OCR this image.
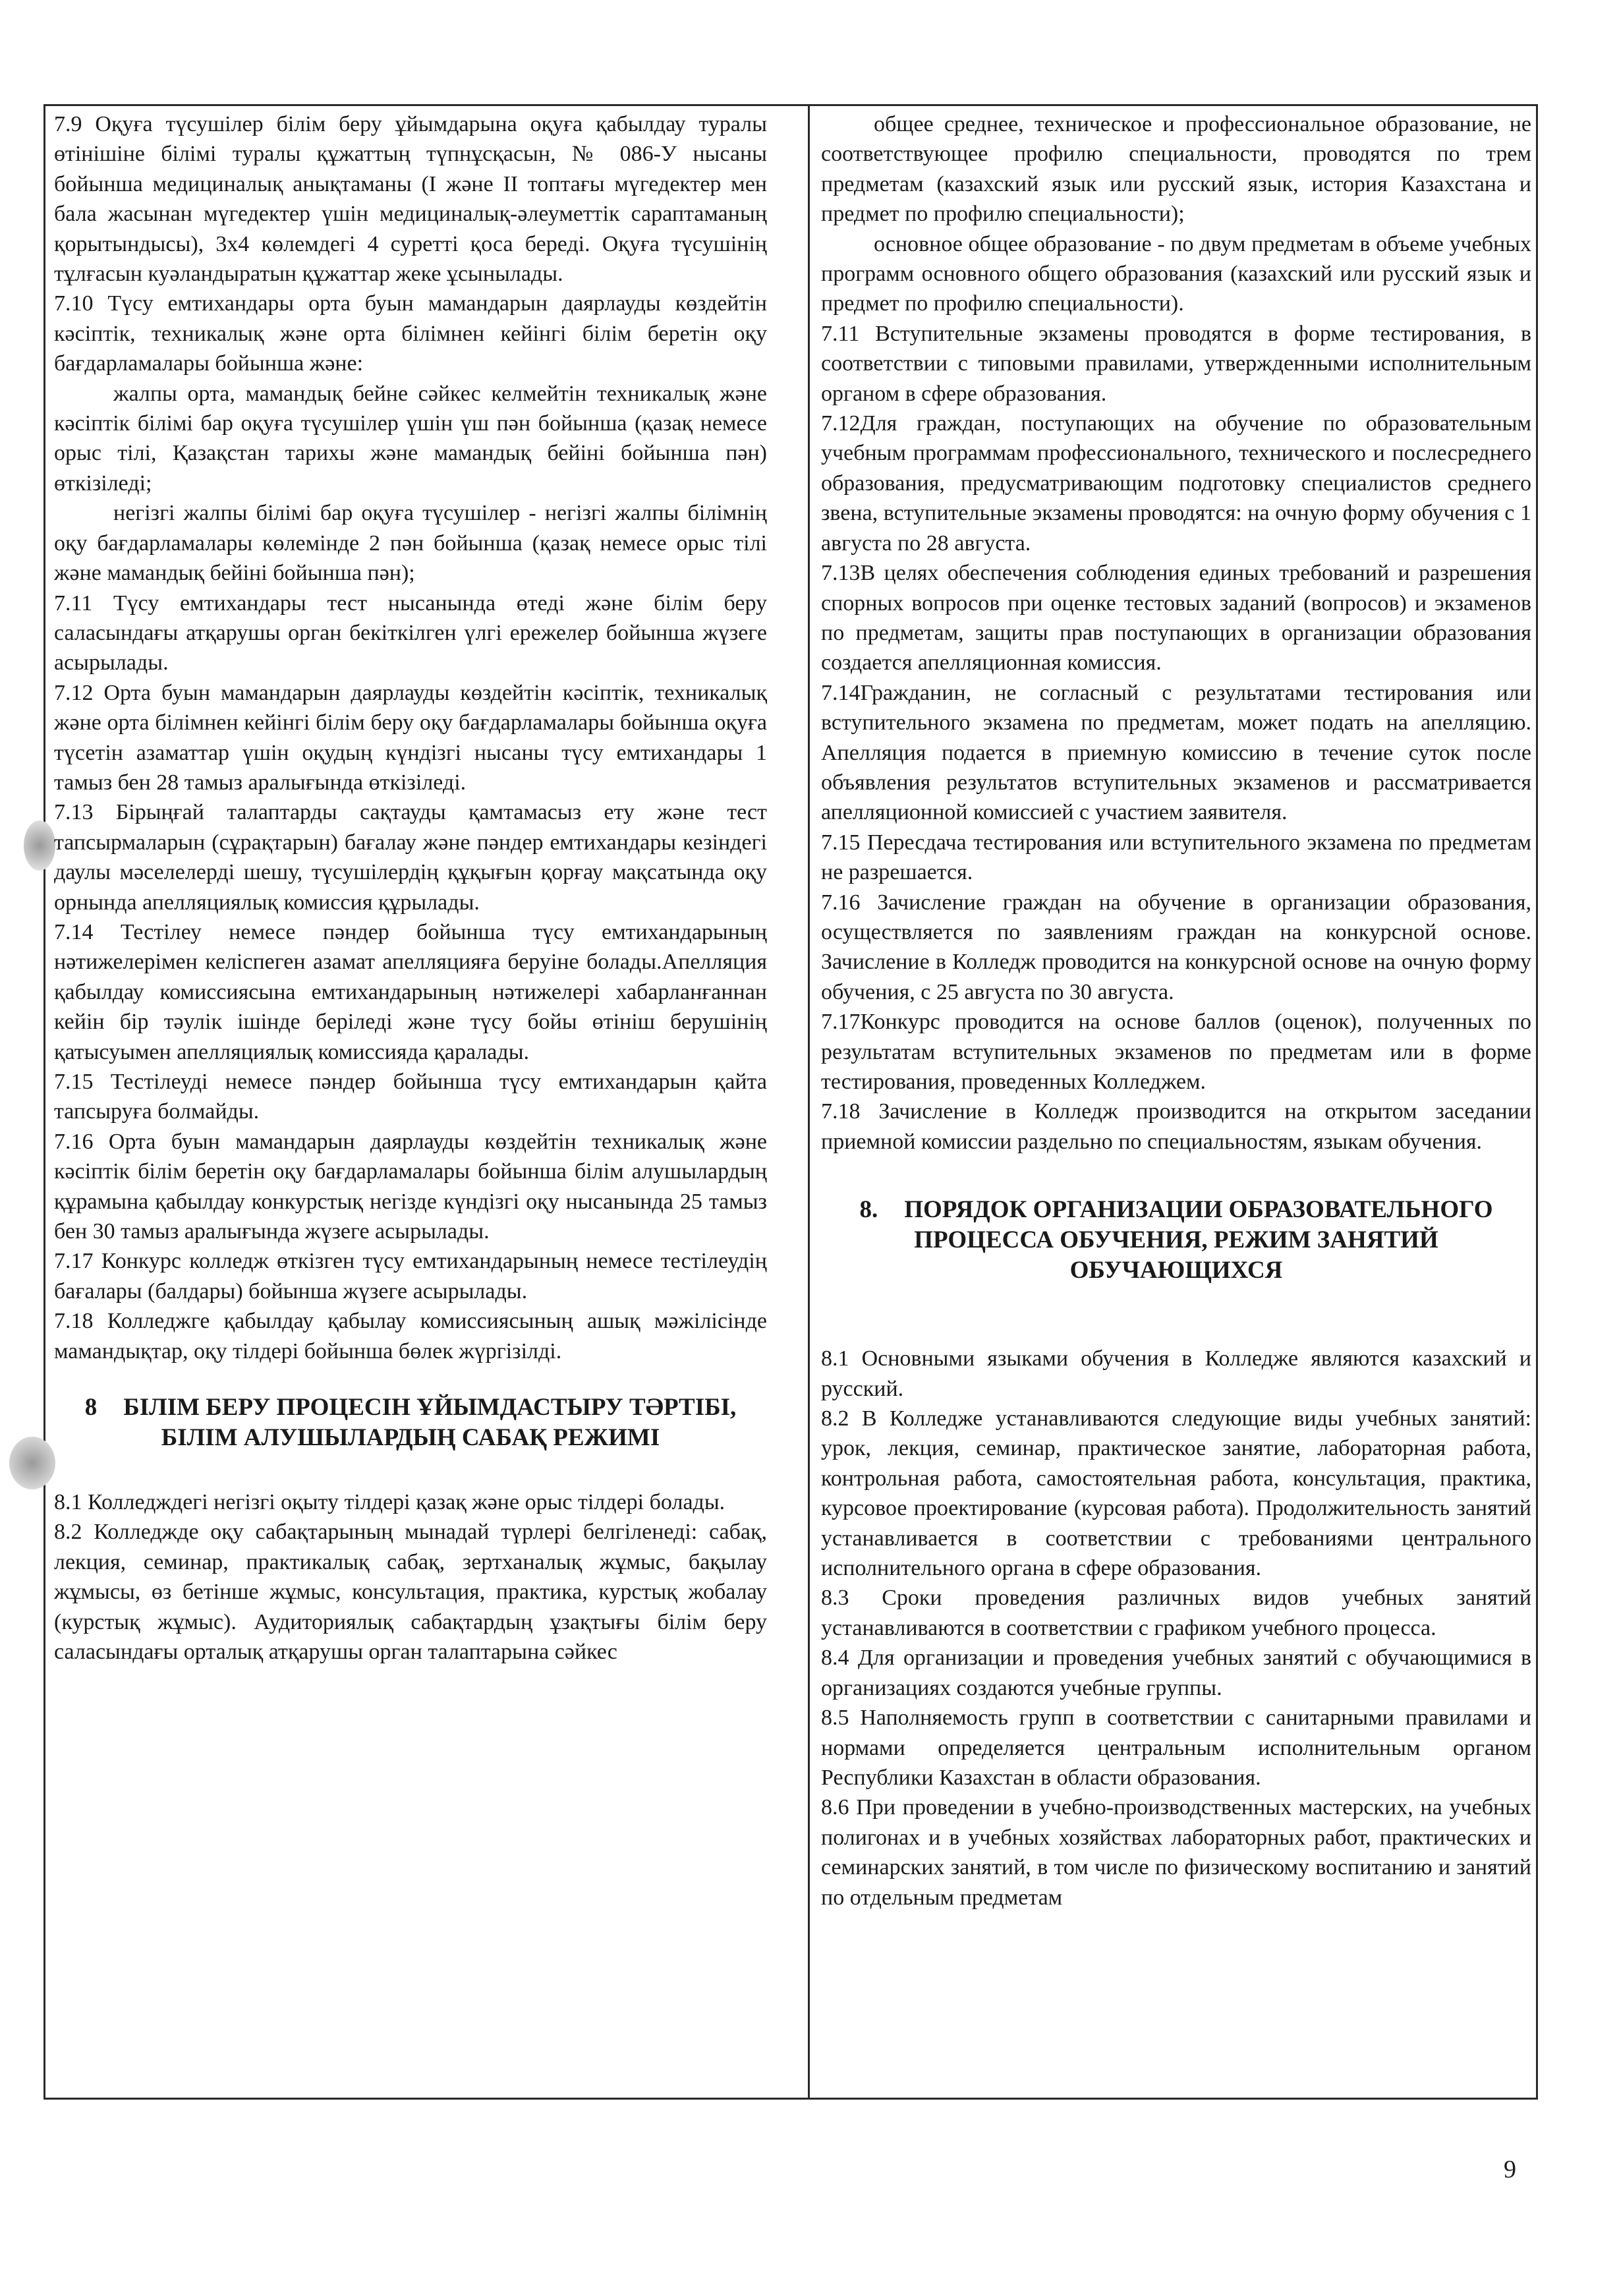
7.9 Оқуға түсушілер білім беру ұйымдарына оқуға қабылдау туралы өтінішіне білімі туралы құжаттың түпнұсқасын, № 086-У нысаны бойынша медициналық анықтаманы (I және II топтағы мүгедектер мен бала жасынан мүгедектер үшін медициналық-әлеуметтік сараптаманың қорытындысы), 3x4 көлемдегі 4 суретті қоса береді. Оқуға түсушінің тұлғасын куәландыратын құжаттар жеке ұсынылады.

7.10 Түсу емтихандары орта буын мамандарын даярлауды көздейтін кәсіптік, техникалық және орта білімнен кейінгі білім беретін оқу бағдарламалары бойынша және:

жалпы орта, мамандық бейне сәйкес келмейтін техникалық және кәсіптік білімі бар оқуға түсушілер үшін үш пән бойынша (қазақ немесе орыс тілі, Қазақстан тарихы және мамандық бейіні бойынша пән) өткізіледі;

негізгі жалпы білімі бар оқуға түсушілер - негізгі жалпы білімнің оқу бағдарламалары көлемінде 2 пән бойынша (қазақ немесе орыс тілі және мамандық бейіні бойынша пән);

7.11 Түсу емтихандары тест нысанында өтеді және білім беру саласындағы атқарушы орган бекіткілген үлгі ережелер бойынша жүзеге асырылады.

7.12 Орта буын мамандарын даярлауды көздейтін кәсіптік, техникалық және орта білімнен кейінгі білім беру оқу бағдарламалары бойынша оқуға түсетін азаматтар үшін оқудың күндізгі нысаны түсу емтихандары 1 тамыз бен 28 тамыз аралығында өткізіледі.

7.13 Бірыңғай талаптарды сақтауды қамтамасыз ету және тест тапсырмаларын (сұрақтарын) бағалау және пәндер емтихандары кезіндегі даулы мәселелерді шешу, түсушілердің құқығын қорғау мақсатында оқу орнында апелляциялық комиссия құрылады.

7.14 Тестілеу немесе пәндер бойынша түсу емтихандарының нәтижелерімен келіспеген азамат апелляцияға беруіне болады.Апелляция қабылдау комиссиясына емтихандарының нәтижелері хабарланғаннан кейін бір тәулік ішінде беріледі және түсу бойы өтініш берушінің қатысуымен апелляциялық комиссияда қаралады.

7.15 Тестілеуді немесе пәндер бойынша түсу емтихандарын қайта тапсыруға болмайды.

7.16 Орта буын мамандарын даярлауды көздейтін техникалық және кәсіптік білім беретін оқу бағдарламалары бойынша білім алушылардың құрамына қабылдау конкурстық негізде күндізгі оқу нысанында 25 тамыз бен 30 тамыз аралығында жүзеге асырылады.

7.17 Конкурс колледж өткізген түсу емтихандарының немесе тестілеудің бағалары (балдары) бойынша жүзеге асырылады.

7.18 Колледжге қабылдау қабылау комиссиясының ашық мәжілісінде мамандықтар, оқу тілдері бойынша бөлек жүргізілді.

8 БІЛІМ БЕРУ ПРОЦЕСІН ҰЙЫМДАСТЫРУ ТӘРТІБІ, БІЛІМ АЛУШЫЛАРДЫҢ САБАҚ РЕЖИМІ

8.1 Колледждегі негізгі оқыту тілдері қазақ және орыс тілдері болады.

8.2 Колледжде оқу сабақтарының мынадай түрлері белгіленеді: сабақ, лекция, семинар, практикалық сабақ, зертханалық жұмыс, бақылау жұмысы, өз бетінше жұмыс, консультация, практика, курстық жобалау (курстық жұмыс). Аудиториялық сабақтардың ұзақтығы білім беру саласындағы орталық атқарушы орган талаптарына сәйкес

общее среднее, техническое и профессиональное образование, не соответствующее профилю специальности, проводятся по трем предметам (казахский язык или русский язык, история Казахстана и предмет по профилю специальности);

основное общее образование - по двум предметам в объеме учебных программ основного общего образования (казахский или русский язык и предмет по профилю специальности).

7.11 Вступительные экзамены проводятся в форме тестирования, в соответствии с типовыми правилами, утвержденными исполнительным органом в сфере образования.

7.12Для граждан, поступающих на обучение по образовательным учебным программам профессионального, технического и послесреднего образования, предусматривающим подготовку специалистов среднего звена, вступительные экзамены проводятся: на очную форму обучения с 1 августа по 28 августа.

7.13В целях обеспечения соблюдения единых требований и разрешения спорных вопросов при оценке тестовых заданий (вопросов) и экзаменов по предметам, защиты прав поступающих в организации образования создается апелляционная комиссия.

7.14Гражданин, не согласный с результатами тестирования или вступительного экзамена по предметам, может подать на апелляцию. Апелляция подается в приемную комиссию в течение суток после объявления результатов вступительных экзаменов и рассматривается апелляционной комиссией с участием заявителя.

7.15 Пересдача тестирования или вступительного экзамена по предметам не разрешается.

7.16 Зачисление граждан на обучение в организации образования, осуществляется по заявлениям граждан на конкурсной основе. Зачисление в Колледж проводится на конкурсной основе на очную форму обучения, с 25 августа по 30 августа.

7.17Конкурс проводится на основе баллов (оценок), полученных по результатам вступительных экзаменов по предметам или в форме тестирования, проведенных Колледжем.

7.18 Зачисление в Колледж производится на открытом заседании приемной комиссии раздельно по специальностям, языкам обучения.

8. ПОРЯДОК ОРГАНИЗАЦИИ ОБРАЗОВАТЕЛЬНОГО ПРОЦЕССА ОБУЧЕНИЯ, РЕЖИМ ЗАНЯТИЙ ОБУЧАЮЩИХСЯ

8.1 Основными языками обучения в Колледже являются казахский и русский.

8.2 В Колледже устанавливаются следующие виды учебных занятий: урок, лекция, семинар, практическое занятие, лабораторная работа, контрольная работа, самостоятельная работа, консультация, практика, курсовое проектирование (курсовая работа). Продолжительность занятий устанавливается в соответствии с требованиями центрального исполнительного органа в сфере образования.

8.3 Сроки проведения различных видов учебных занятий устанавливаются в соответствии с графиком учебного процесса.

8.4 Для организации и проведения учебных занятий с обучающимися в организациях создаются учебные группы.

8.5 Наполняемость групп в соответствии с санитарными правилами и нормами определяется центральным исполнительным органом Республики Казахстан в области образования.

8.6 При проведении в учебно-производственных мастерских, на учебных полигонах и в учебных хозяйствах лабораторных работ, практических и семинарских занятий, в том числе по физическому воспитанию и занятий по отдельным предметам

9
